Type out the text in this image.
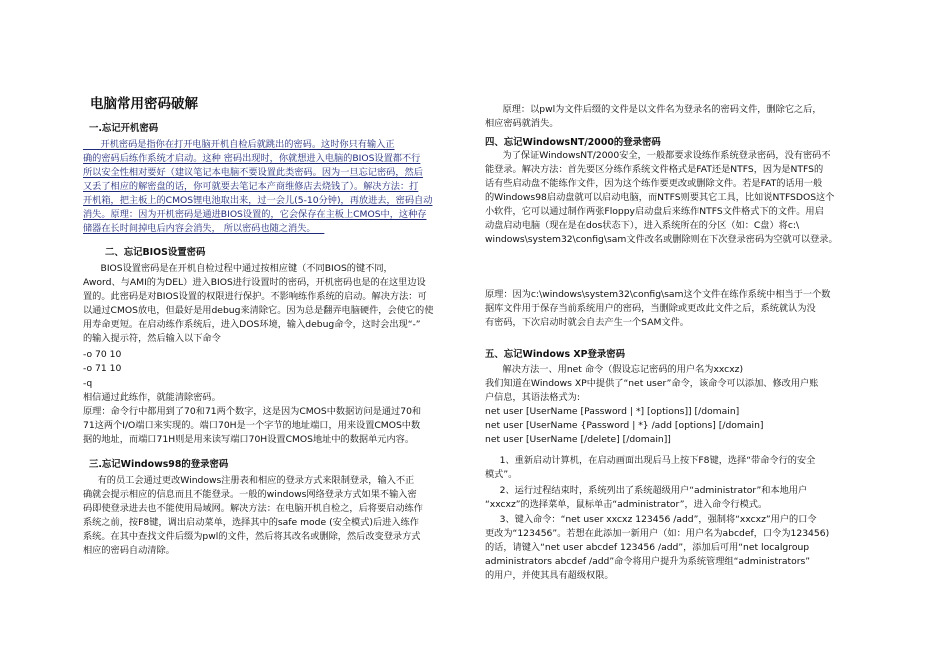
电脑常用密码破解
一.忘记开机密码

开机密码是指你在打开电脑开机自检后就跳出的密码。这时你只有输入正

确的密码后练作系统才启动。这种 密码出现时，你就想进入电脑的BIOS设置都不行

所以安全性相对要好（建议笔记本电脑不要设置此类密码。因为一旦忘记密码，然后

又丢了相应的解密盘的话，你可就要去笔记本产商维修店去烧钱了）。解决方法：打

开机箱，把主板上的CMOS锂电池取出来，过一会儿(5-10分钟)，再放进去，密码自动

消失。原理：因为开机密码是通进BIOS设置的，它会保存在主板上CMOS中，这种存

储器在长时间掉电后内容会消失， 所以密码也随之消失。

二、忘记BIOS设置密码

BIOS设置密码是在开机自检过程中通过按相应键（不同BIOS的键不同，

Aword、与AMI的为DEL）进入BIOS进行设置时的密码，开机密码也是的在这里边设

置的。此密码是对BIOS设置的权限进行保护。不影响练作系统的启动。解决方法：可

以通过CMOS放电，但最好是用debug来清除它。因为总是翻弄电脑硬件，会使它的使

用寿命更短。在启动练作系统后，进入DOS环境，输入debug命令，这时会出现“-”

的输入提示符，然后输入以下命令

-o 70 10

-o 71 10

-q

相信通过此练作，就能清除密码。

原理：命令行中都用到了70和71两个数字，这是因为CMOS中数据访问是通过70和

71这两个I/O端口来实现的。端口70H是一个字节的地址端口，用来设置CMOS中数

据的地址，而端口71H则是用来读写端口70H设置CMOS地址中的数据单元内容。

三.忘记Windows98的登录密码

有的员工会通过更改Windows注册表和相应的登录方式来限制登录，输入不正

确就会提示相应的信息而且不能登录。一般的windows网络登录方式如果不输入密

码即使登录进去也不能使用局域网。解决方法：在电脑开机自检之，后将要启动练作

系统之前，按F8键，调出启动菜单，选择其中的safe mode (安全模式)后进入练作

系统。在其中查找文件后缀为pwl的文件，然后将其改名或删除，然后改变登录方式

相应的密码自动清除。

原理：以pwl为文件后缀的文件是以文件名为登录名的密码文件，删除它之后，

相应密码就消失。

四、忘记WindowsNT/2000的登录密码

为了保证WindowsNT/2000安全，一般都要求设练作系统登录密码，没有密码不

能登录。解决方法：首先要区分练作系统文件格式是FAT还是NTFS，因为是NTFS的

话有些启动盘不能练作文件，因为这个练作要更改或删除文件。若是FAT的话用一般

的Windows98启动盘就可以启动电脑，而NTFS则要其它工具，比如说NTFSDOS这个

小软件，它可以通过制作两张Floppy启动盘后来练作NTFS文件格式下的文件。用启

动盘启动电脑（现在是在dos状态下），进入系统所在的分区（如：C盘）将c:\

windows\system32\config\sam文件改名或删除则在下次登录密码为空就可以登录。

原理：因为c:\windows\system32\config\sam这个文件在练作系统中相当于一个数

据库文件用于保存当前系统用户的密码，当删除或更改此文件之后，系统就认为没

有密码，下次启动时就会自去产生一个SAM文件。

五、忘记Windows XP登录密码

解决方法一、用net 命令（假设忘记密码的用户名为xxcxz)

我们知道在Windows XP中提供了“net user”命令，该命令可以添加、修改用户账

户信息，其语法格式为:

net user [UserName [Password | *] [options]] [/domain]

net user [UserName {Password | *} /add [options] [/domain]

net user [UserName [/delete] [/domain]]

1、重新启动计算机，在启动画面出现后马上按下F8键，选择“带命令行的安全

模式”。

2、运行过程结束时，系统列出了系统超级用户“administrator”和本地用户

“xxcxz”的选择菜单，鼠标单击“administrator”，进入命令行模式。

3、键入命令：“net user xxcxz 123456 /add”，强制将“xxcxz”用户的口令

更改为“123456”。若想在此添加一新用户（如：用户名为abcdef，口令为123456)

的话，请键入“net user abcdef 123456 /add”，添加后可用“net localgroup

administrators abcdef /add”命令将用户提升为系统管理组“administrators”

的用户，并使其具有超级权限。
